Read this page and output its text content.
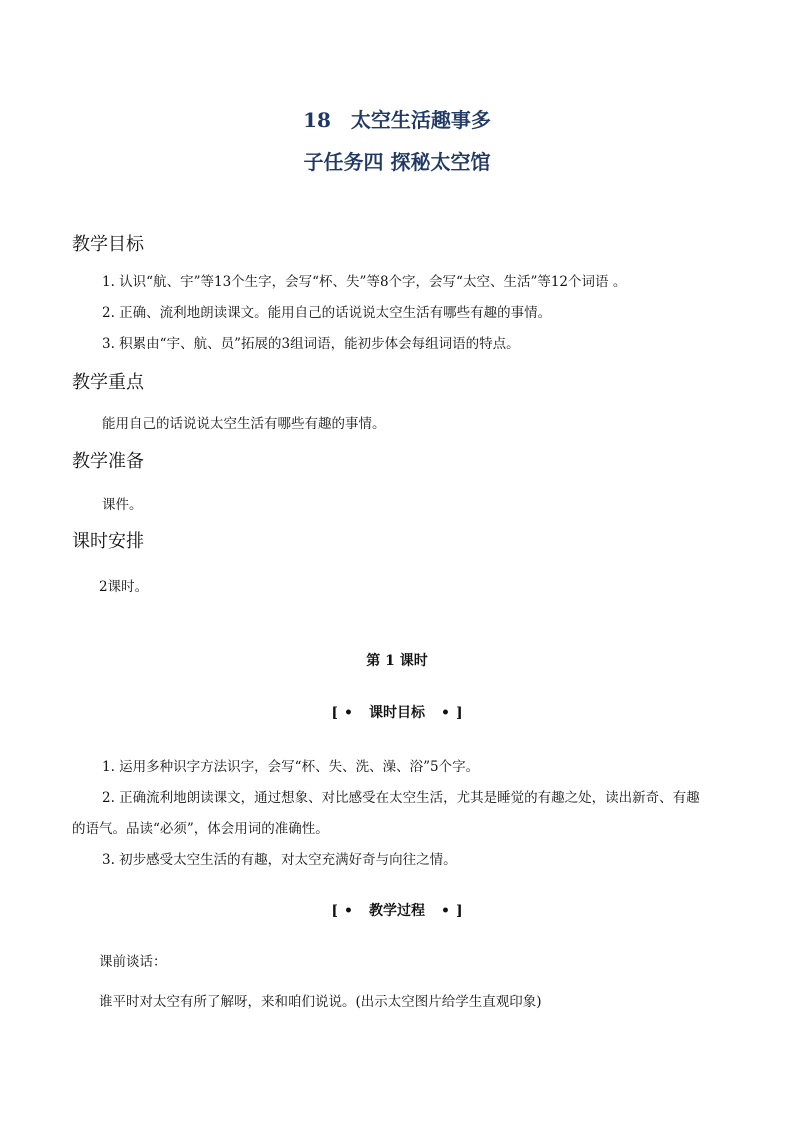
18　太空生活趣事多
子任务四 探秘太空馆
教学目标
1. 认识“航、宇”等13个生字，会写“杯、失”等8个字，会写“太空、生活”等12个词语 。
2. 正确、流利地朗读课文。能用自己的话说说太空生活有哪些有趣的事情。
3. 积累由“宇、航、员”拓展的3组词语，能初步体会每组词语的特点。
教学重点
能用自己的话说说太空生活有哪些有趣的事情。
教学准备
课件。
课时安排
2课时。
第 1 课时
[ • 课时目标 • ]
1. 运用多种识字方法识字，会写“杯、失、洗、澡、浴”5个字。
2. 正确流利地朗读课文，通过想象、对比感受在太空生活，尤其是睡觉的有趣之处，读出新奇、有趣
的语气。品读“必须”，体会用词的准确性。
3. 初步感受太空生活的有趣，对太空充满好奇与向往之情。
[ • 教学过程 • ]
课前谈话：
谁平时对太空有所了解呀，来和咱们说说。(出示太空图片给学生直观印象)
